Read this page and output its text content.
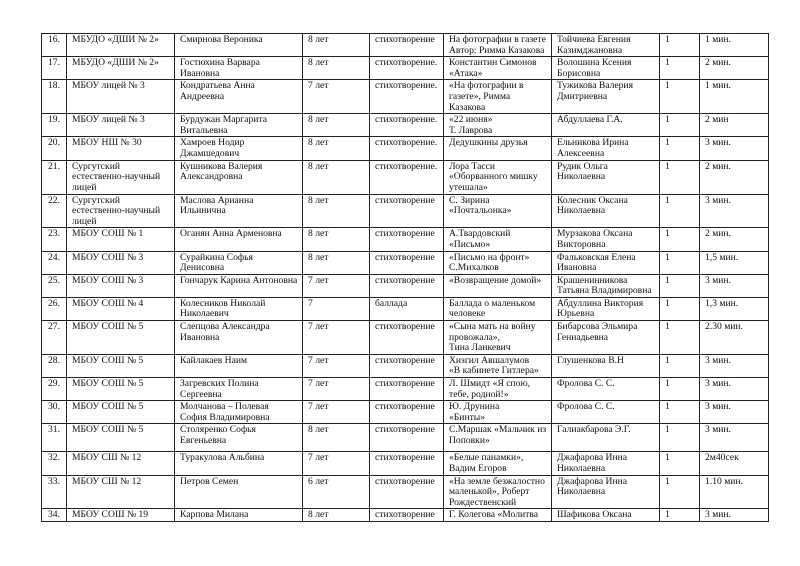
16.	МБУДО «ДШИ № 2»	Смирнова Вероника	8 лет	стихотворение	На фотографии в газете
Автор: Римма Казакова	Тойчиева Евгения
Казимджановна	1	1 мин.
17.	МБУДО «ДШИ № 2»	Гостюхина Варвара
Ивановна	8 лет	стихотворение.	Константин Симонов
«Атака»	Волошина Ксения
Борисовна	1	2 мин.
18.	МБОУ лицей № 3	Кондратьева Анна
Андреевна	7 лет	стихотворение.	«На фотографии в
газете», Римма
Казакова	Тужикова Валерия
Дмитриевна	1	1 мин.
19.	МБОУ лицей № 3	Бурдужан Маргарита
Витальевна	8 лет	стихотворение.	«22 июня»
Т. Лаврова	Абдуллаева Г.А.	1	2 мин
20.	МБОУ НШ № 30	Хамроев Нодир
Джамшедович	8 лет	стихотворение.	Дедушкины друзья	Ельникова Ирина
Алексеевна	1	3 мин.
21.	Сургутский
естественно-научный
лицей	Кушникова Валерия
Александровна	8 лет	стихотворение.	Лора Тасси
«Оборванного мишку
утешала»	Рудик Ольга
Николаевна	1	2 мин.
22.	Сургутский
естественно-научный
лицей	Маслова Арианна
Ильинична	8 лет	стихотворение	С. Зирина
«Почтальонка»	Колесник Оксана
Николаевна	1	3 мин.
23.	МБОУ СОШ № 1	Оганян Анна Арменовна	8 лет	стихотворение	А.Твардовский
«Письмо»	Мурзакова Оксана
Викторовна	1	2 мин.
24.	МБОУ СОШ № 3	Сурайкина Софья
Денисовна	8 лет	стихотворение	«Письмо на фронт»
С.Михалков	Фальковская Елена
Ивановна	1	1,5 мин.
25.	МБОУ СОШ № 3	Гончарук Карина Антоновна	7 лет	стихотворение	«Возвращение домой»	Крашенинникова
Татьяна Владимировна	1	3 мин.
26.	МБОУ СОШ № 4	Колесников Николай
Николаевич	7	баллада	Баллада о маленьком
человеке	Абдуллина Виктория
Юрьевна	1	1,3 мин.
27.	МБОУ СОШ № 5	Слепцова Александра
Ивановна	7 лет	стихотворение	«Сына мать на войну
провожала»,
Тина Ланкевич	Бибарсова Эльмира
Геннадьевна	1	2.30 мин.
28.	МБОУ СОШ № 5	Кайлакаев Наим	7 лет	стихотворение	Хизгил Авшалумов
«В кабинете Гитлера»	Глушенкова В.Н	1	3 мин.
29.	МБОУ СОШ № 5	Загревских Полина
Сергеевна	7 лет	стихотворение	Л. Шмидт «Я спою,
тебе, родной!»	Фролова С. С.	1	3 мин.
30.	МБОУ СОШ № 5	Молчанова – Полевая
София Владимировна	7 лет	стихотворение	Ю. Друнина
«Бинты»	Фролова С. С.	1	3 мин.
31.	МБОУ СОШ № 5	Столяренко Софья
Евгеньевна	8 лет	стихотворение	С.Маршак «Мальчик из
Поповки»	Галиакбарова Э.Г.	1	3 мин.
32.	МБОУ СШ № 12	Туракулова Альбина	7 лет	стихотворение	«Белые панамки»,
Вадим Егоров	Джафарова Инна
Николаевна	1	2м40сек
33.	МБОУ СШ № 12	Петров Семен	6 лет	стихотворение	«На земле безжалостно
маленькой», Роберт
Рождественский	Джафарова Инна
Николаевна	1	1.10 мин.
34.	МБОУ СОШ № 19	Карпова Милана	8 лет	стихотворение	Г. Колегова «Молитва	Шафикова Оксана	1	3 мин.
